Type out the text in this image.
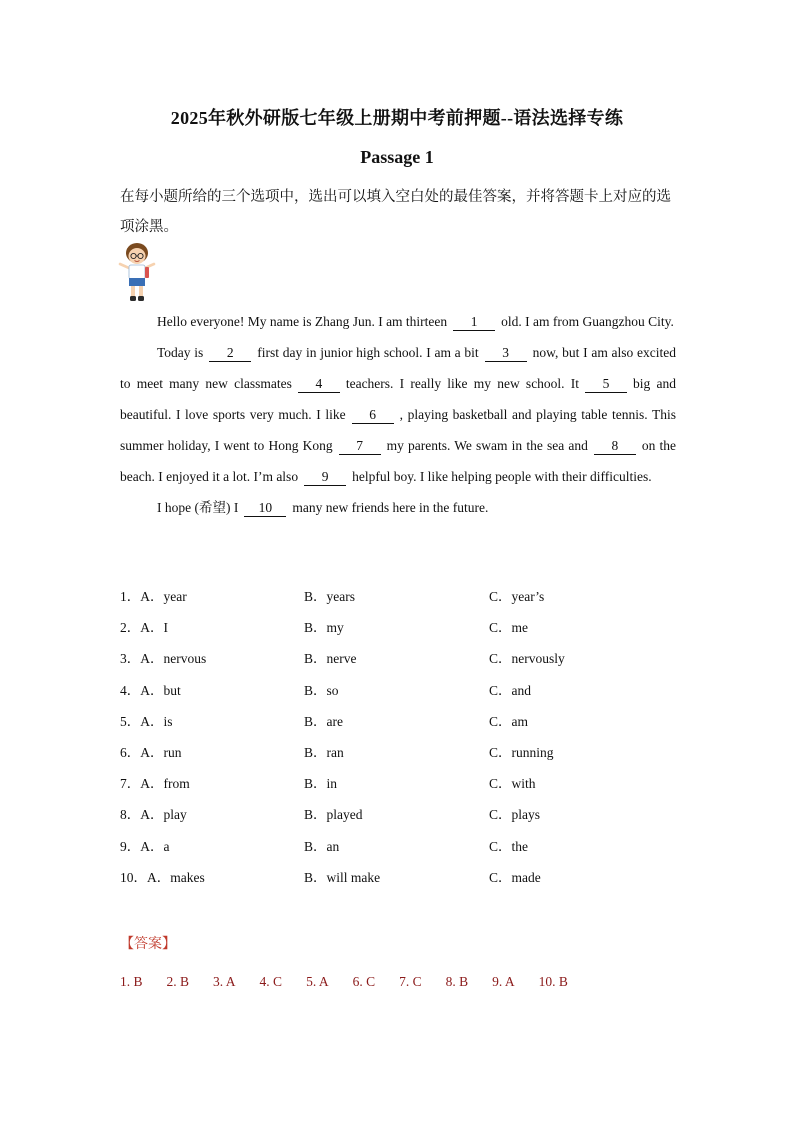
2025年秋外研版七年级上册期中考前押题--语法选择专练
Passage 1
在每小题所给的三个选项中，选出可以填入空白处的最佳答案，并将答题卡上对应的选项涂黑。

Hello everyone! My name is Zhang Jun. I am thirteen 1 old. I am from Guangzhou City.

Today is 2 first day in junior high school. I am a bit 3 now, but I am also excited to meet many new classmates 4 teachers. I really like my new school. It 5 big and beautiful. I love sports very much. I like 6 , playing basketball and playing table tennis. This summer holiday, I went to Hong Kong 7 my parents. We swam in the sea and 8 on the beach. I enjoyed it a lot. I’m also 9 helpful boy. I like helping people with their difficulties.

I hope (希望) I 10 many new friends here in the future.

1．A．year	B．years	C．year’s
2．A．I	B．my	C．me
3．A．nervous	B．nerve	C．nervously
4．A．but	B．so	C．and
5．A．is	B．are	C．am
6．A．run	B．ran	C．running
7．A．from	B．in	C．with
8．A．play	B．played	C．plays
9．A．a	B．an	C．the
10．A．makes	B．will make	C．made
【答案】
1. B 2. B 3. A 4. C 5. A 6. C 7. C 8. B 9. A 10. B
